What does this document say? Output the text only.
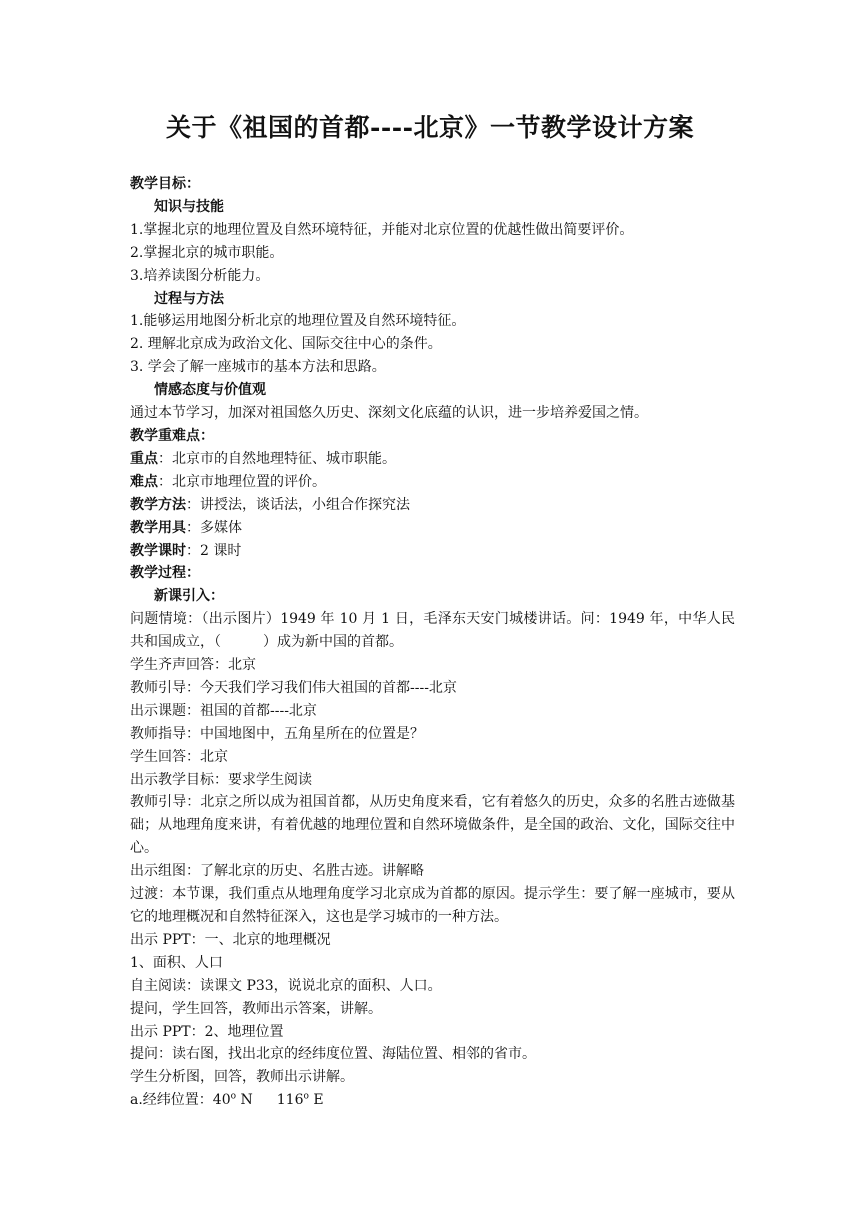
关于《祖国的首都----北京》一节教学设计方案
教学目标：
知识与技能
1.掌握北京的地理位置及自然环境特征，并能对北京位置的优越性做出简要评价。
2.掌握北京的城市职能。
3.培养读图分析能力。
过程与方法
1.能够运用地图分析北京的地理位置及自然环境特征。
2. 理解北京成为政治文化、国际交往中心的条件。
3. 学会了解一座城市的基本方法和思路。
情感态度与价值观
通过本节学习，加深对祖国悠久历史、深刻文化底蕴的认识，进一步培养爱国之情。
教学重难点：
重点：北京市的自然地理特征、城市职能。
难点：北京市地理位置的评价。
教学方法：讲授法，谈话法，小组合作探究法
教学用具：多媒体
教学课时：2 课时
教学过程：
新课引入：
问题情境：（出示图片）1949 年 10 月 1 日，毛泽东天安门城楼讲话。问：1949 年，中华人民共和国成立，（　　　）成为新中国的首都。
学生齐声回答：北京
教师引导：今天我们学习我们伟大祖国的首都----北京
出示课题：祖国的首都----北京
教师指导：中国地图中，五角星所在的位置是？
学生回答：北京
出示教学目标：要求学生阅读
教师引导：北京之所以成为祖国首都，从历史角度来看，它有着悠久的历史，众多的名胜古迹做基础；从地理角度来讲，有着优越的地理位置和自然环境做条件，是全国的政治、文化，国际交往中心。
出示组图：了解北京的历史、名胜古迹。讲解略
过渡：本节课，我们重点从地理角度学习北京成为首都的原因。提示学生：要了解一座城市，要从它的地理概况和自然特征深入，这也是学习城市的一种方法。
出示 PPT：一、北京的地理概况
1、面积、人口
自主阅读：读课文 P33，说说北京的面积、人口。
提问，学生回答，教师出示答案，讲解。
出示 PPT：2、地理位置
提问：读右图，找出北京的经纬度位置、海陆位置、相邻的省市。
学生分析图，回答，教师出示讲解。
a.经纬位置：40$^o$ N 116$^o$ E
